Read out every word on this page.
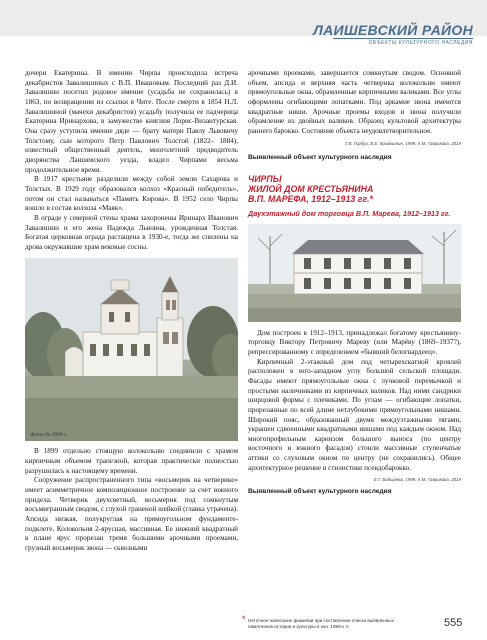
ЛАИШЕВСКИЙ РАЙОН
ОБЪЕКТЫ КУЛЬТУРНОГО НАСЛЕДИЯ

дочери Екатерины. В имении Чирпы происходила встреча декабристов Завалишиных с В.П. Ивашовым. Последний раз Д.И. Завалишин посетил родовое имение (усадьба не сохранилась) в 1863, по возвращении из ссылки в Чите. После смерти в 1854 Н.Л. Завалишиной (мачехи декабристов) усадьбу получила ее падчерица Екатерина Иринархова, в замужестве княгиня Лорис-Византурская. Она сразу уступила имение дяде — брату матери Павлу Львовичу Толстому, сын которого Петр Павлович Толстой (1822– 1884), известный общественный деятель, многолетний предводитель дворянства Лаишевского уезда, владел Чирпами весьма продолжительное время.

В 1917 крестьяне разделили между собой земли Сахарова и Толстых. В 1929 году образовался колхоз «Красный победитель», потом он стал называться «Память Кирова». В 1952 село Чирпы вошло в состав колхоза «Маяк».

В ограде у северной стены храма захоронены Иринарх Иванович Завалишин и его жена Надежда Львовна, урожденная Толстая. Богатая церковная ограда растащена в 1930-е, тогда же спилены на дрова окружавшие храм вековые сосны.

Фото до 1999 г.

В 1899 отдельно стоящую колокольню соединили с храмом кирпичным объемом трапезной, которая практически полностью разрушилась к настоящему времени.

Сооружение распространенного типа «восьмерик на четверике» имеет асимметричное композиционное построение за счет южного придела. Четверик двухсветный, восьмерик под сомкнутым восьмигранным сводом, с глухой граненой шейкой (главка утрачена). Апсида низкая, полукруглая на прямоугольном фундаменте-подклете. Колокольня 2-ярусная, массивная. Ее нижний квадратный в плане ярус прорезан тремя большими арочными проемами, грузный восьмерик звона — сквозными

арочными проемами, завершается сомкнутым сводом. Основной объем, апсида и верхняя часть четверика колокольни имеют прямоугольные окна, обрамленные кирпичными валиками. Все углы оформлены огибающими лопатками. Под аркамиe звона имеются квадратные ниши. Арочные проемы входов и звона получили обрамление из двойных валиков. Образец культовой архитектуры раннего барокко. Состояние объекта неудовлетворительное.

Г.В. Горбуа, В.Е. Кривошеин, 1999, А.М. Гаврикова, 2019
Выявленный объект культурного наследия
ЧИРПЫ
ЖИЛОЙ ДОМ КРЕСТЬЯНИНА
В.П. МАРЕФА, 1912–1913 гг.*
Двухэтажный дом торговца В.П. Марева, 1912–1913 гг.

Дом построен в 1912–1913, принадлежал богатому крестьянину-торговцу Виктору Петровичу Мареву (или Марёву (1869–1937?), репрессированному с определением «бывший белогвардеец».

Кирпичный 2-этажный дом под четырехскатной кровлей расположен в юго-западном углу большой сельской площади. Фасады имеют прямоугольные окна с лучковой перемычкой и простыми наличниками из кирпичных валиков. Над ними сандрики ширцовой формы с плечиками. По углам — огибающие лопатки, прорезанные по всей длине нетлубокими прямоугольными нишами. Широкий пояс, образованный двумя междуэтажными тягами, украшен сдвоенными квадратными нишами под каждым окном. Над многопрофильным карнизом большого выноса (по центру восточного и южного фасадов) стоили массивные ступенчатые аттики со слуховым окном по центру (не сохранились). Общее архитектурное решение в стилистике псевдобарокко.

Е.Г. Бобырева, 1999, А.М. Гаврикова, 2019
Выявленный объект культурного наследия
* Неточное написание фамилии при составлении списка выявленных памятников истории и культуры в кон. 1990-х гг.	555
